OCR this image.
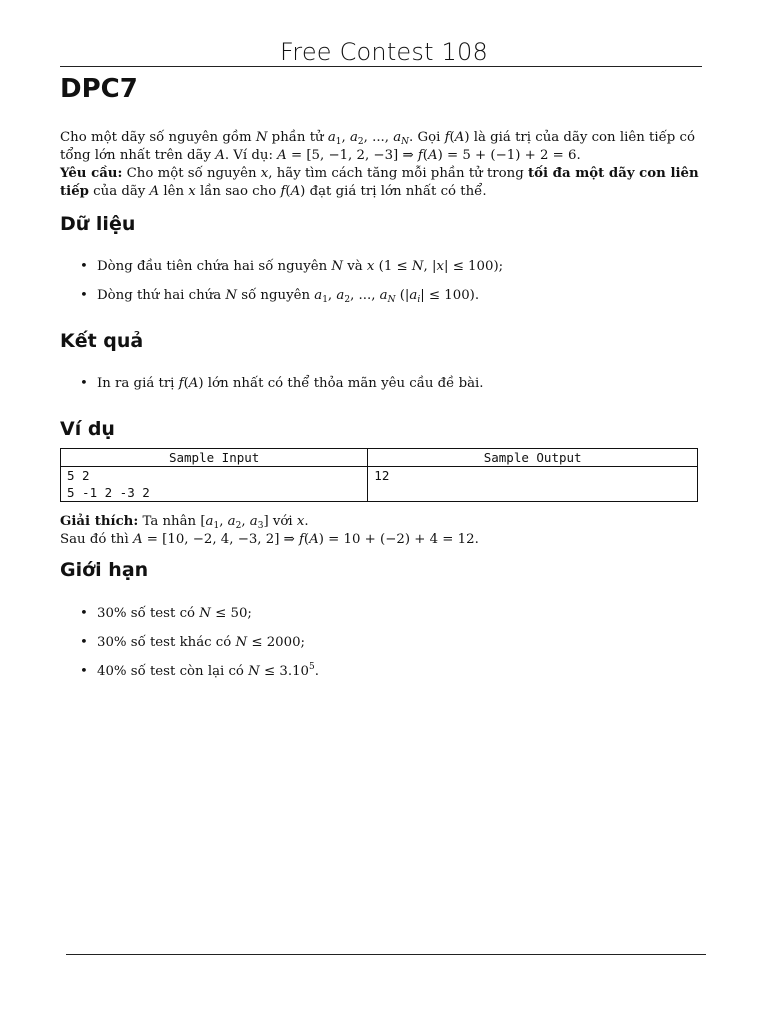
Free Contest 108
DPC7
Cho một dãy số nguyên gồm N phần tử $a_1$, $a_2$, ..., $a_N$. Gọi f(A) là giá trị của dãy con liên tiếp có
tổng lớn nhất trên dãy A. Ví dụ: A = [5, −1, 2, −3] ⇒ f(A) = 5 + (−1) + 2 = 6.
Yêu cầu: Cho một số nguyên x, hãy tìm cách tăng mỗi phần tử trong tối đa một dãy con liên tiếp của dãy A lên x lần sao cho f(A) đạt giá trị lớn nhất có thể.
Dữ liệu
• Dòng đầu tiên chứa hai số nguyên N và x (1 ≤ N, |x| ≤ 100);
• Dòng thứ hai chứa N số nguyên $a_1$, $a_2$, ..., $a_N$ $(|a_i| \le 100)$.
Kết quả
• In ra giá trị f(A) lớn nhất có thể thỏa mãn yêu cầu đề bài.
Ví dụ
Sample Input	Sample Output
5 2
5 -1 2 -3 2	12
Giải thích: Ta nhân [$a_1$, $a_2$, $a_3$] với x.
Sau đó thì A = [10, −2, 4, −3, 2] ⇒ f(A) = 10 + (−2) + 4 = 12.
Giới hạn
• 30% số test có N ≤ 50;
• 30% số test khác có N ≤ 2000;
• 40% số test còn lại có $N \le 3.10^5$.
